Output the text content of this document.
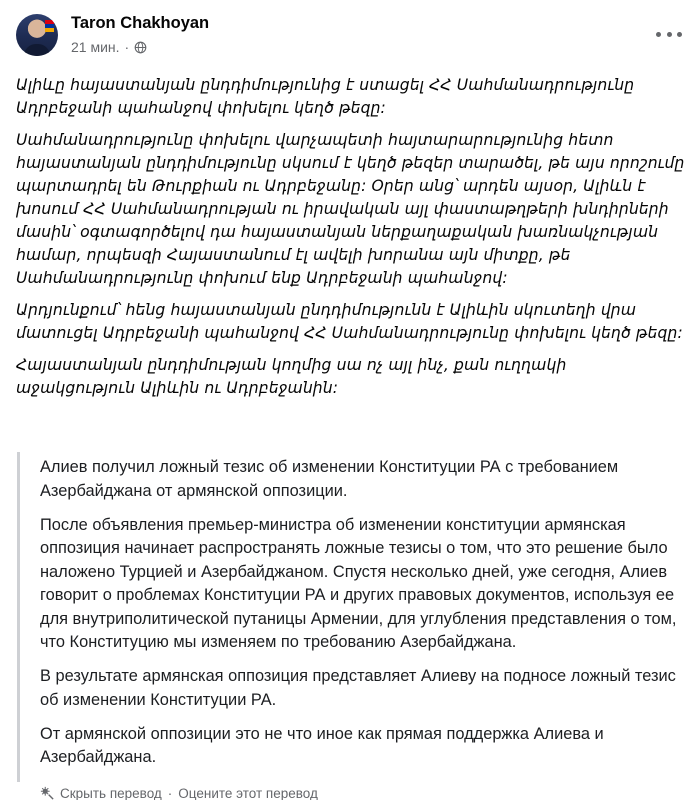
Taron Chakhoyan
21 мин. ·

Ալիևը հայաստանյան ընդդիմությունից է ստացել ՀՀ Սահմանադրությունը Ադրբեջանի պահանջով փոխելու կեղծ թեզը:

Սահմանադրությունը փոխելու վարչապետի հայտարարությունից հետո հայաստանյան ընդդիմությունը սկսում է կեղծ թեզեր տարածել, թե այս որոշումը պարտադրել են Թուրքիան ու Ադրբեջանը: Օրեր անց՝ արդեն այսօր, Ալիևն է խոսում ՀՀ Սահմանադրության ու իրավական այլ փաստաթղթերի խնդիրների մասին՝ օգտագործելով դա հայաստանյան ներքաղաքական խառնակչության համար, որպեսզի Հայաստանում էլ ավելի խորանա այն միտքը, թե Սահմանադրությունը փոխում ենք Ադրբեջանի պահանջով:

Արդյունքում՝ հենց հայաստանյան ընդդիմությունն է Ալիևին սկուտեղի վրա մատուցել Ադրբեջանի պահանջով ՀՀ Սահմանադրությունը փոխելու կեղծ թեզը:

Հայաստանյան ընդդիմության կողմից սա ոչ այլ ինչ, քան ուղղակի աջակցություն Ալիևին ու Ադրբեջանին:

Алиев получил ложный тезис об изменении Конституции РА с требованием Азербайджана от армянской оппозиции.

После объявления премьер-министра об изменении конституции армянская оппозиция начинает распространять ложные тезисы о том, что это решение было наложено Турцией и Азербайджаном. Спустя несколько дней, уже сегодня, Алиев говорит о проблемах Конституции РА и других правовых документов, используя ее для внутриполитической путаницы Армении, для углубления представления о том, что Конституцию мы изменяем по требованию Азербайджана.

В результате армянская оппозиция представляет Алиеву на подносе ложный тезис об изменении Конституции РА.

От армянской оппозиции это не что иное как прямая поддержка Алиева и Азербайджана.

Скрыть перевод · Оцените этот перевод
